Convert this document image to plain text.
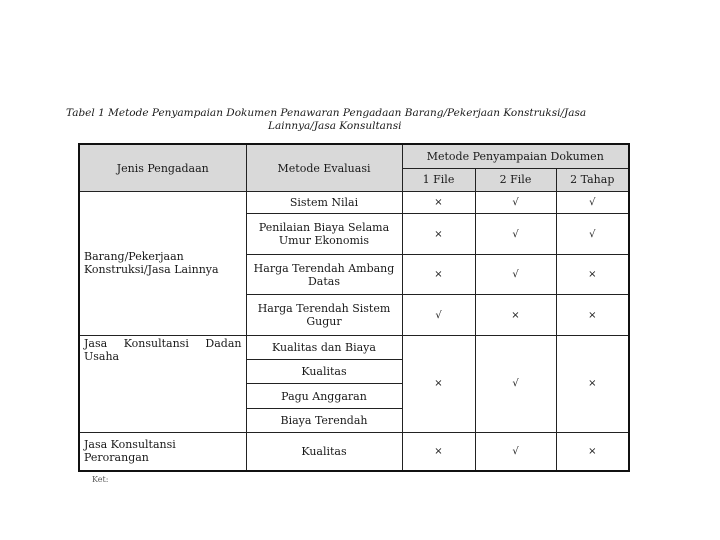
Tabel 1 Metode Penyampaian Dokumen Penawaran Pengadaan Barang/Pekerjaan Konstruksi/Jasa
Lainnya/Jasa Konsultansi
Jenis Pengadaan	Metode Evaluasi	Metode Penyampaian Dokumen		
		1 File	2 File	2 Tahap
Barang/Pekerjaan Konstruksi/Jasa Lainnya	Sistem Nilai	×	√	√
	Penilaian Biaya Selama Umur Ekonomis	×	√	√
	Harga Terendah Ambang Datas	×	√	×
	Harga Terendah Sistem Gugur	√	×	×
Jasa Konsultansi Dadan Usaha	Kualitas dan Biaya	×	√	×
	Kualitas			
	Pagu Anggaran			
	Biaya Terendah			
Jasa Konsultansi Perorangan	Kualitas	×	√	×
Ket:
